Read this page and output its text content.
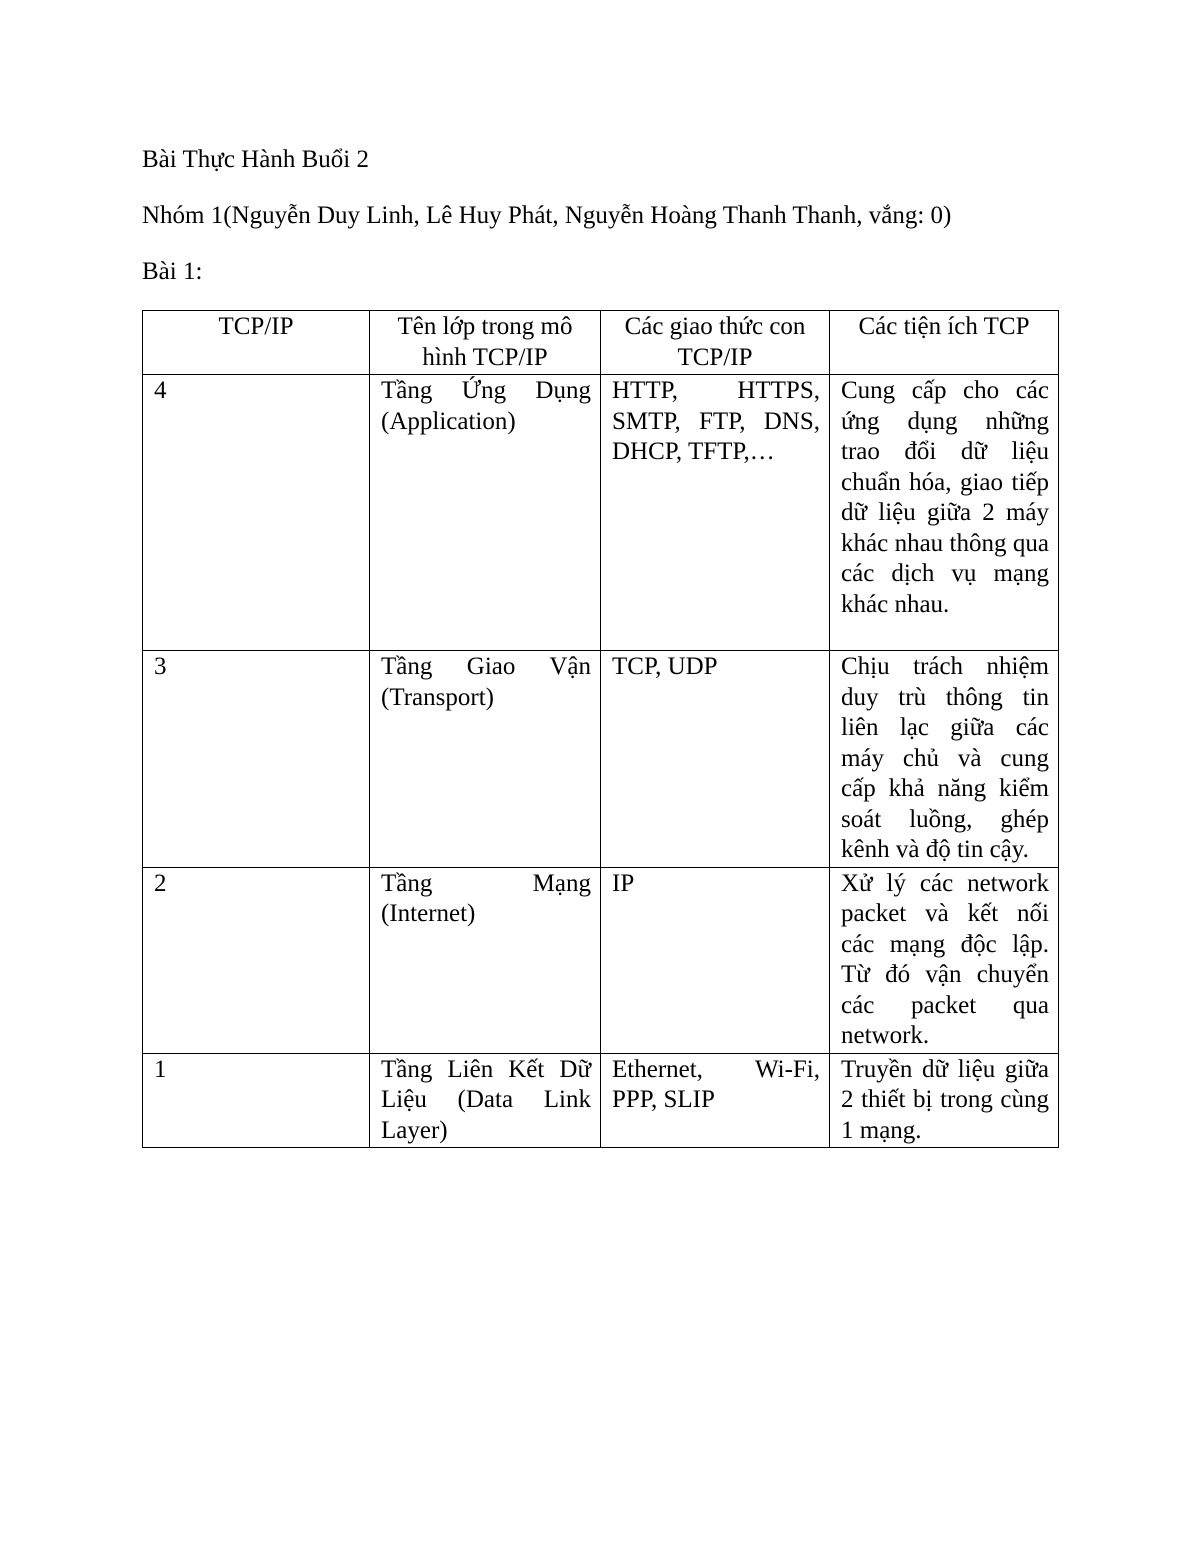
Bài Thực Hành Buổi 2
Nhóm 1(Nguyễn Duy Linh, Lê Huy Phát, Nguyễn Hoàng Thanh Thanh, vắng: 0)
Bài 1:
TCP/IP	Tên lớp trong mô hình TCP/IP	Các giao thức con TCP/IP	Các tiện ích TCP
4	Tầng Ứng Dụng (Application)	HTTP, HTTPS, SMTP, FTP, DNS, DHCP, TFTP,…	Cung cấp cho các ứng dụng những trao đổi dữ liệu chuẩn hóa, giao tiếp dữ liệu giữa 2 máy khác nhau thông qua các dịch vụ mạng khác nhau.
3	Tầng Giao Vận (Transport)	TCP, UDP	Chịu trách nhiệm duy trù thông tin liên lạc giữa các máy chủ và cung cấp khả năng kiểm soát luồng, ghép kênh và độ tin cậy.
2	Tầng Mạng (Internet)	IP	Xử lý các network packet và kết nối các mạng độc lập. Từ đó vận chuyển các packet qua network.
1	Tầng Liên Kết Dữ Liệu (Data Link Layer)	Ethernet, Wi-Fi, PPP, SLIP	Truyền dữ liệu giữa 2 thiết bị trong cùng 1 mạng.
